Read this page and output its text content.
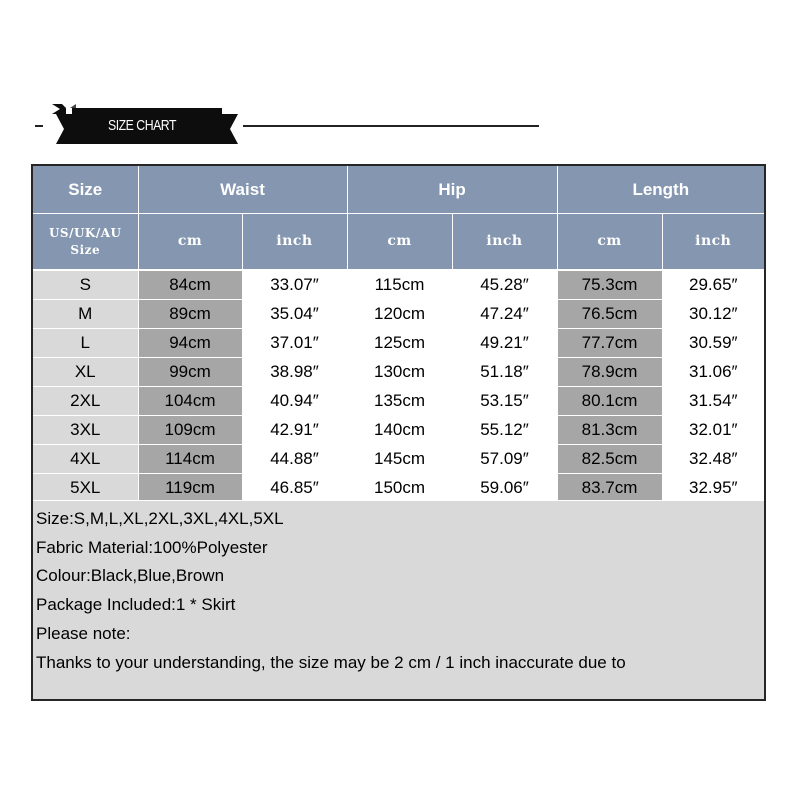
SIZE CHART
Size	Waist		Hip		Length	

US/UK/AU
Size	cm	inch	cm	inch	cm	inch
S	84cm	33.07″	115cm	45.28″	75.3cm	29.65″
M	89cm	35.04″	120cm	47.24″	76.5cm	30.12″
L	94cm	37.01″	125cm	49.21″	77.7cm	30.59″
XL	99cm	38.98″	130cm	51.18″	78.9cm	31.06″
2XL	104cm	40.94″	135cm	53.15″	80.1cm	31.54″
3XL	109cm	42.91″	140cm	55.12″	81.3cm	32.01″
4XL	114cm	44.88″	145cm	57.09″	82.5cm	32.48″
5XL	119cm	46.85″	150cm	59.06″	83.7cm	32.95″
Size:S,M,L,XL,2XL,3XL,4XL,5XL
Fabric Material:100%Polyester
Colour:Black,Blue,Brown
Package Included:1 * Skirt
Please note:
Thanks to your understanding, the size may be 2 cm / 1 inch inaccurate due to
